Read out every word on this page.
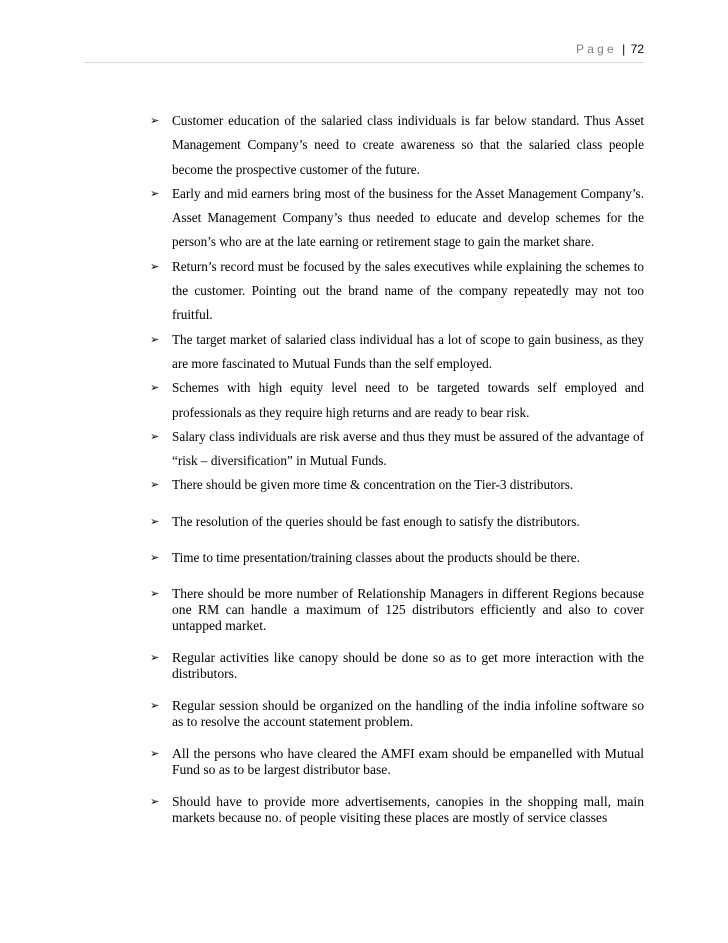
Page | 72
➢ Customer education of the salaried class individuals is far below standard. Thus Asset Management Company’s need to create awareness so that the salaried class people become the prospective customer of the future.
➢ Early and mid earners bring most of the business for the Asset Management Company’s. Asset Management Company’s thus needed to educate and develop schemes for the person’s who are at the late earning or retirement stage to gain the market share.
➢ Return’s record must be focused by the sales executives while explaining the schemes to the customer. Pointing out the brand name of the company repeatedly may not too fruitful.
➢ The target market of salaried class individual has a lot of scope to gain business, as they are more fascinated to Mutual Funds than the self employed.
➢ Schemes with high equity level need to be targeted towards self employed and professionals as they require high returns and are ready to bear risk.
➢ Salary class individuals are risk averse and thus they must be assured of the advantage of “risk – diversification” in Mutual Funds.
➢ There should be given more time & concentration on the Tier-3 distributors.
➢ The resolution of the queries should be fast enough to satisfy the distributors.
➢ Time to time presentation/training classes about the products should be there.
➢ There should be more number of Relationship Managers in different Regions because one RM can handle a maximum of 125 distributors efficiently and also to cover untapped market.
➢ Regular activities like canopy should be done so as to get more interaction with the distributors.
➢ Regular session should be organized on the handling of the india infoline software so as to resolve the account statement problem.
➢ All the persons who have cleared the AMFI exam should be empanelled with Mutual Fund so as to be largest distributor base.
➢ Should have to provide more advertisements, canopies in the shopping mall, main markets because no. of people visiting these places are mostly of service classes
